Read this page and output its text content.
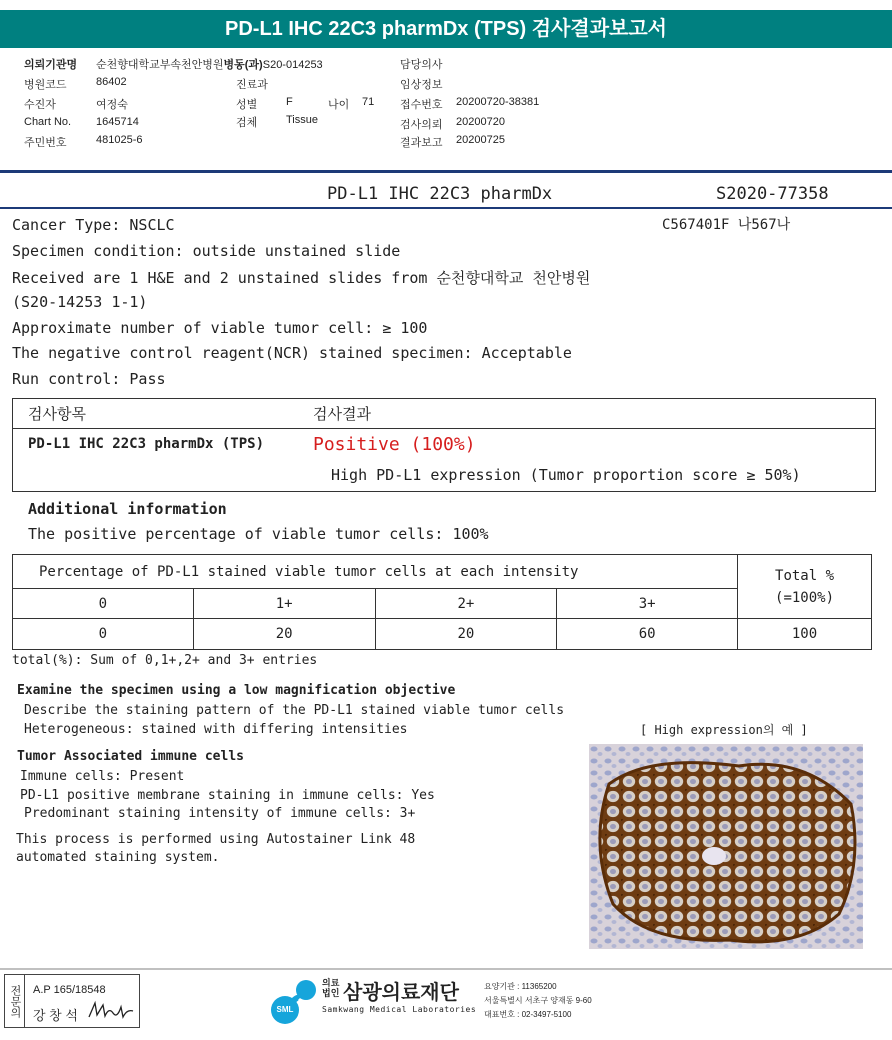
PD-L1 IHC 22C3 pharmDx (TPS) 검사결과보고서
의뢰기관명 순천향대학교부속천안병원병동(과)S20-014253	담당의사
병원코드	86402	진료과	임상정보
수진자	여정숙	성별	F	나이 71 접수번호 20200720-38381
Chart No. 1645714	검체	Tissue	검사의뢰 20200720
주민번호	481025-6	결과보고 20200725
PD-L1 IHC 22C3 pharmDx	S2020-77358
C567401F 나567나
Cancer Type: NSCLC
Specimen condition: outside unstained slide
Received are 1 H&E and 2 unstained slides from 순천향대학교 천안병원
(S20-14253 1-1)
Approximate number of viable tumor cell: ≥ 100
The negative control reagent(NCR) stained specimen: Acceptable
Run control: Pass
검사항목	검사결과
PD-L1 IHC 22C3 pharmDx (TPS)	Positive (100%)
High PD-L1 expression (Tumor proportion score ≥ 50%)
Additional information
The positive percentage of viable tumor cells: 100%
Percentage of PD-L1 stained viable tumor cells at each intensity				Total %
(=100%)
0	1+	2+	3+	
0	20	20	60	100
total(%): Sum of 0,1+,2+ and 3+ entries
Examine the specimen using a low magnification objective
Describe the staining pattern of the PD-L1 stained viable tumor cells
Heterogeneous: stained with differing intensities	[ High expression의 예 ]
Tumor Associated immune cells
Immune cells: Present
PD-L1 positive membrane staining in immune cells: Yes
Predominant staining intensity of immune cells: 3+
This process is performed using Autostainer Link 48
automated staining system.
전문의	A.P 165/18548
강 창 석	SML
의료
법인 삼광의료재단
Samkwang Medical Laboratories
요양기관 : 11365200
서울특별시 서초구 양재동 9-60
대표번호 : 02-3497-5100
